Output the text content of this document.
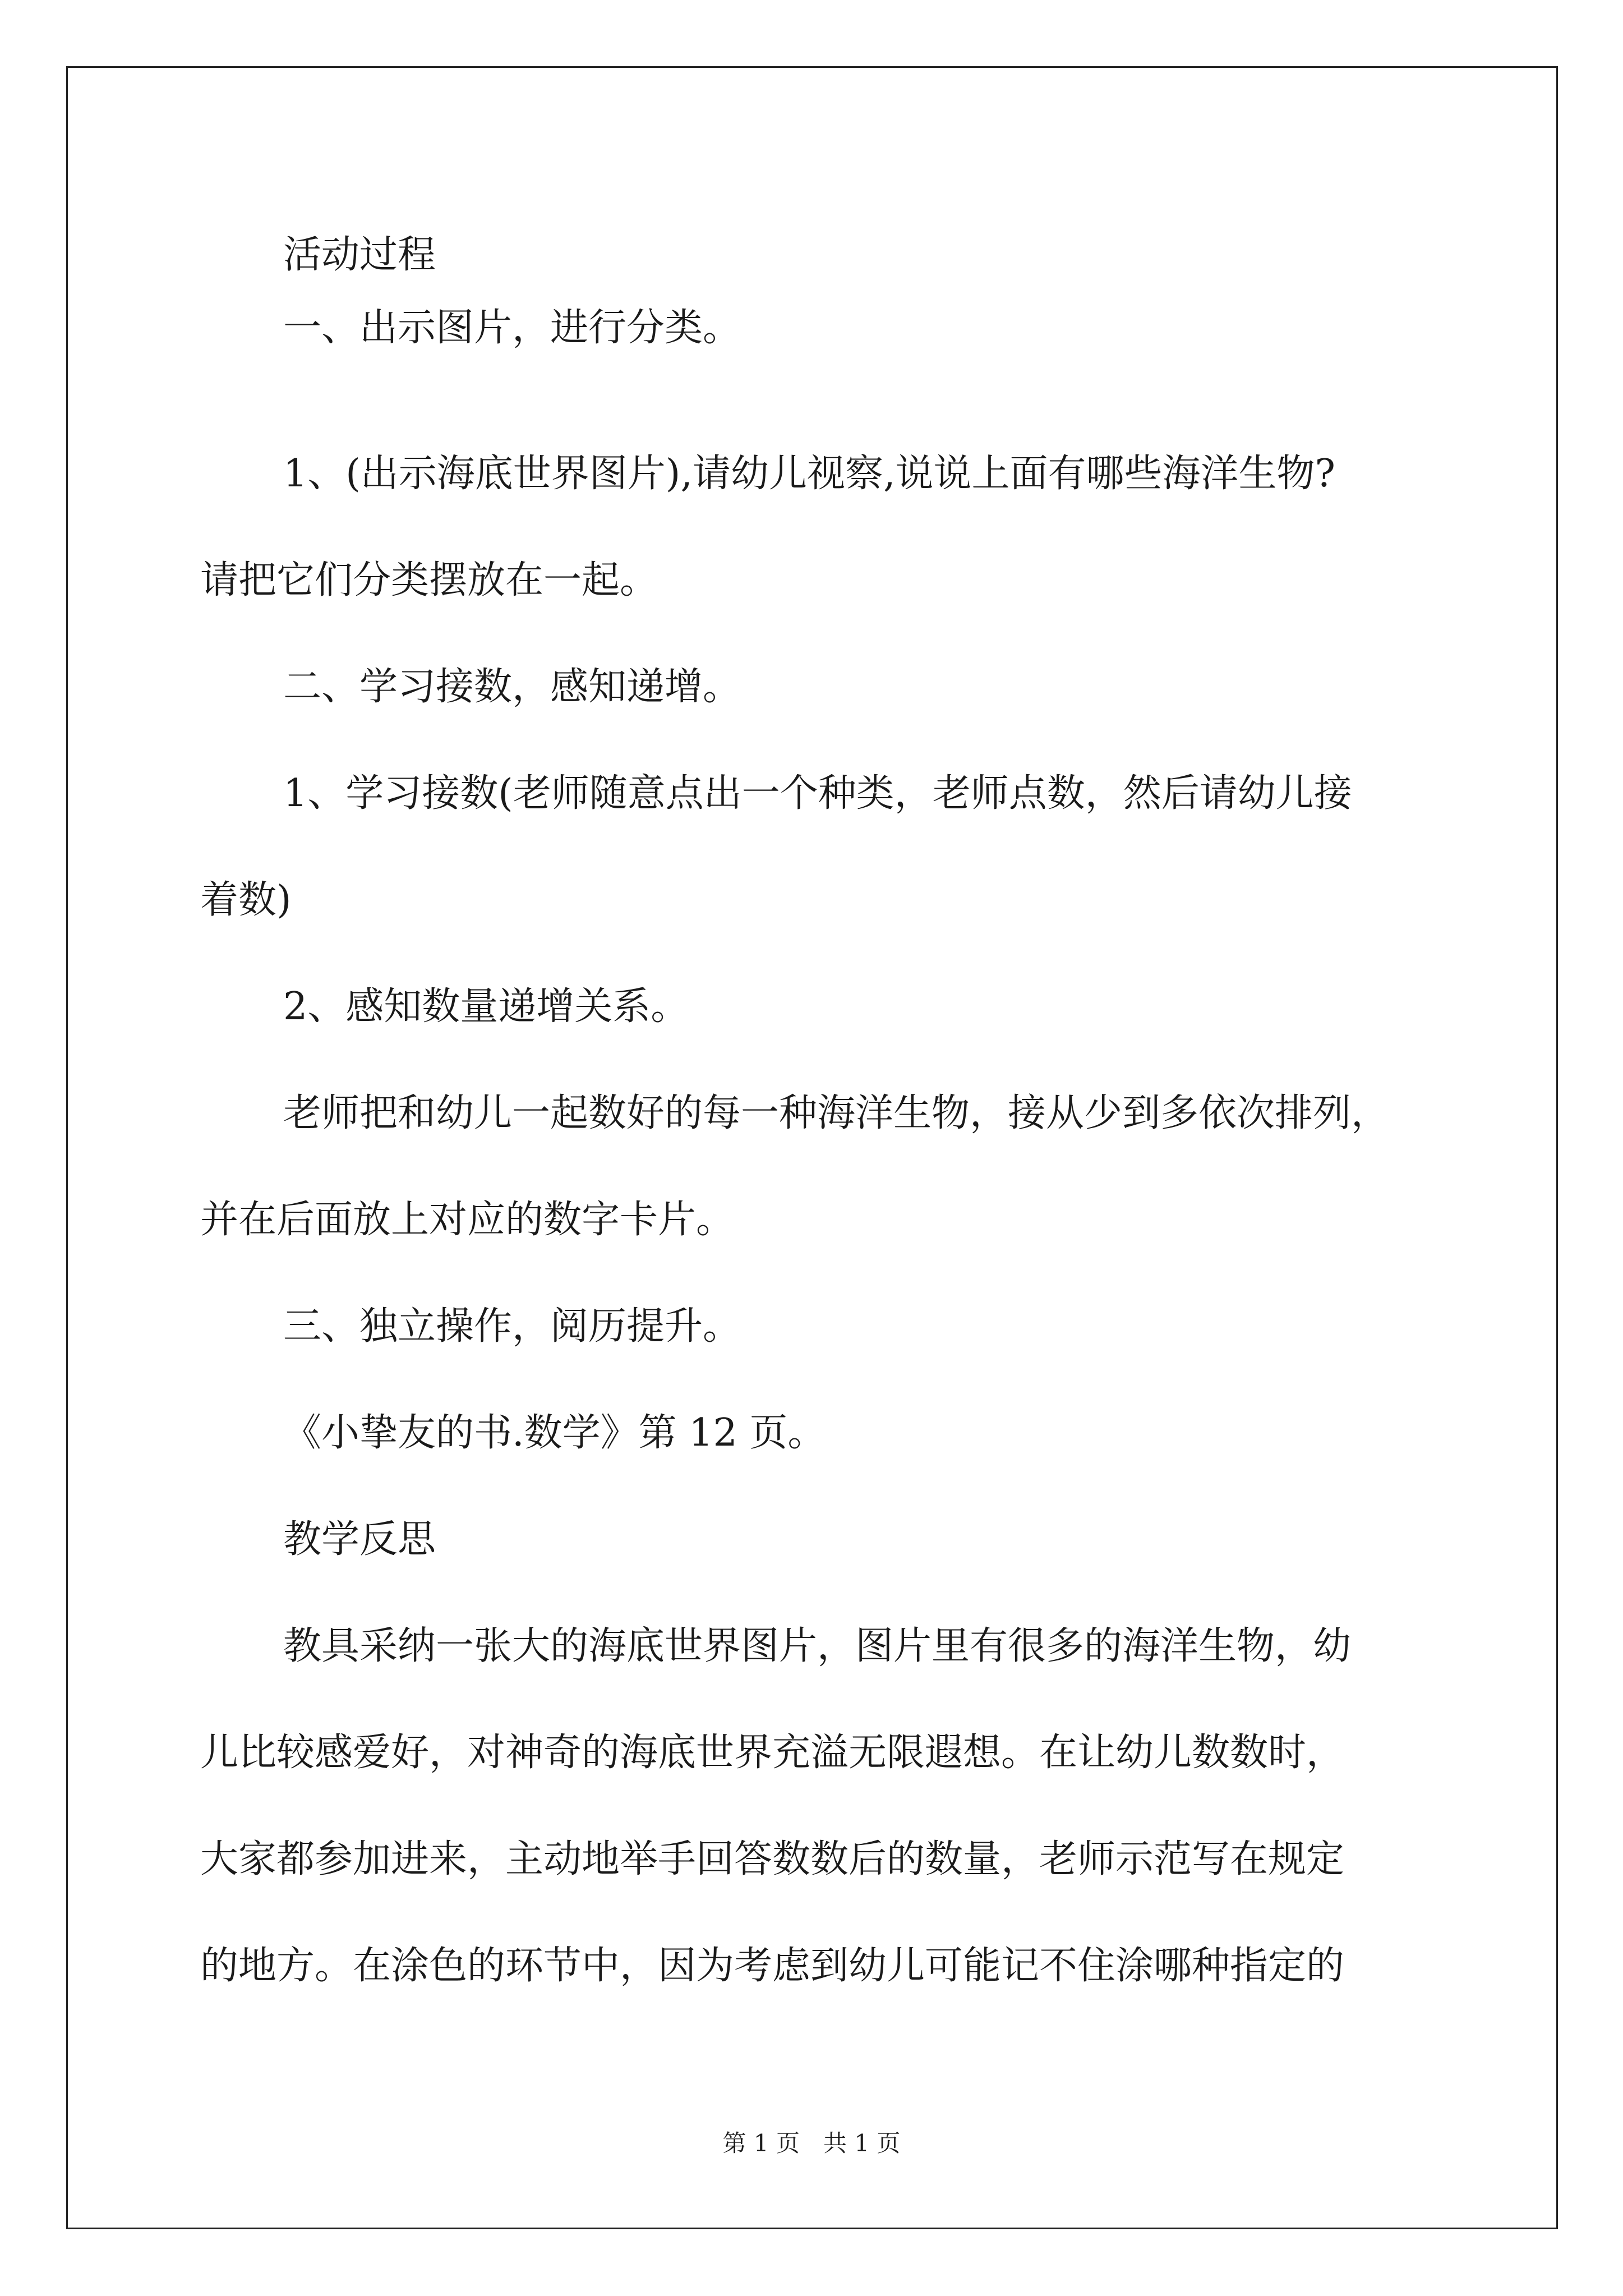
活动过程

一、出示图片，进行分类。

1、(出示海底世界图片),请幼儿视察,说说上面有哪些海洋生物?

请把它们分类摆放在一起。

二、学习接数，感知递增。

1、学习接数(老师随意点出一个种类，老师点数，然后请幼儿接

着数)

2、感知数量递增关系。

老师把和幼儿一起数好的每一种海洋生物，接从少到多依次排列，

并在后面放上对应的数字卡片。

三、独立操作，阅历提升。

《小挚友的书.数学》第 12 页。

教学反思

教具采纳一张大的海底世界图片，图片里有很多的海洋生物，幼

儿比较感爱好，对神奇的海底世界充溢无限遐想。在让幼儿数数时，

大家都参加进来，主动地举手回答数数后的数量，老师示范写在规定

的地方。在涂色的环节中，因为考虑到幼儿可能记不住涂哪种指定的

第 1 页　共 1 页
